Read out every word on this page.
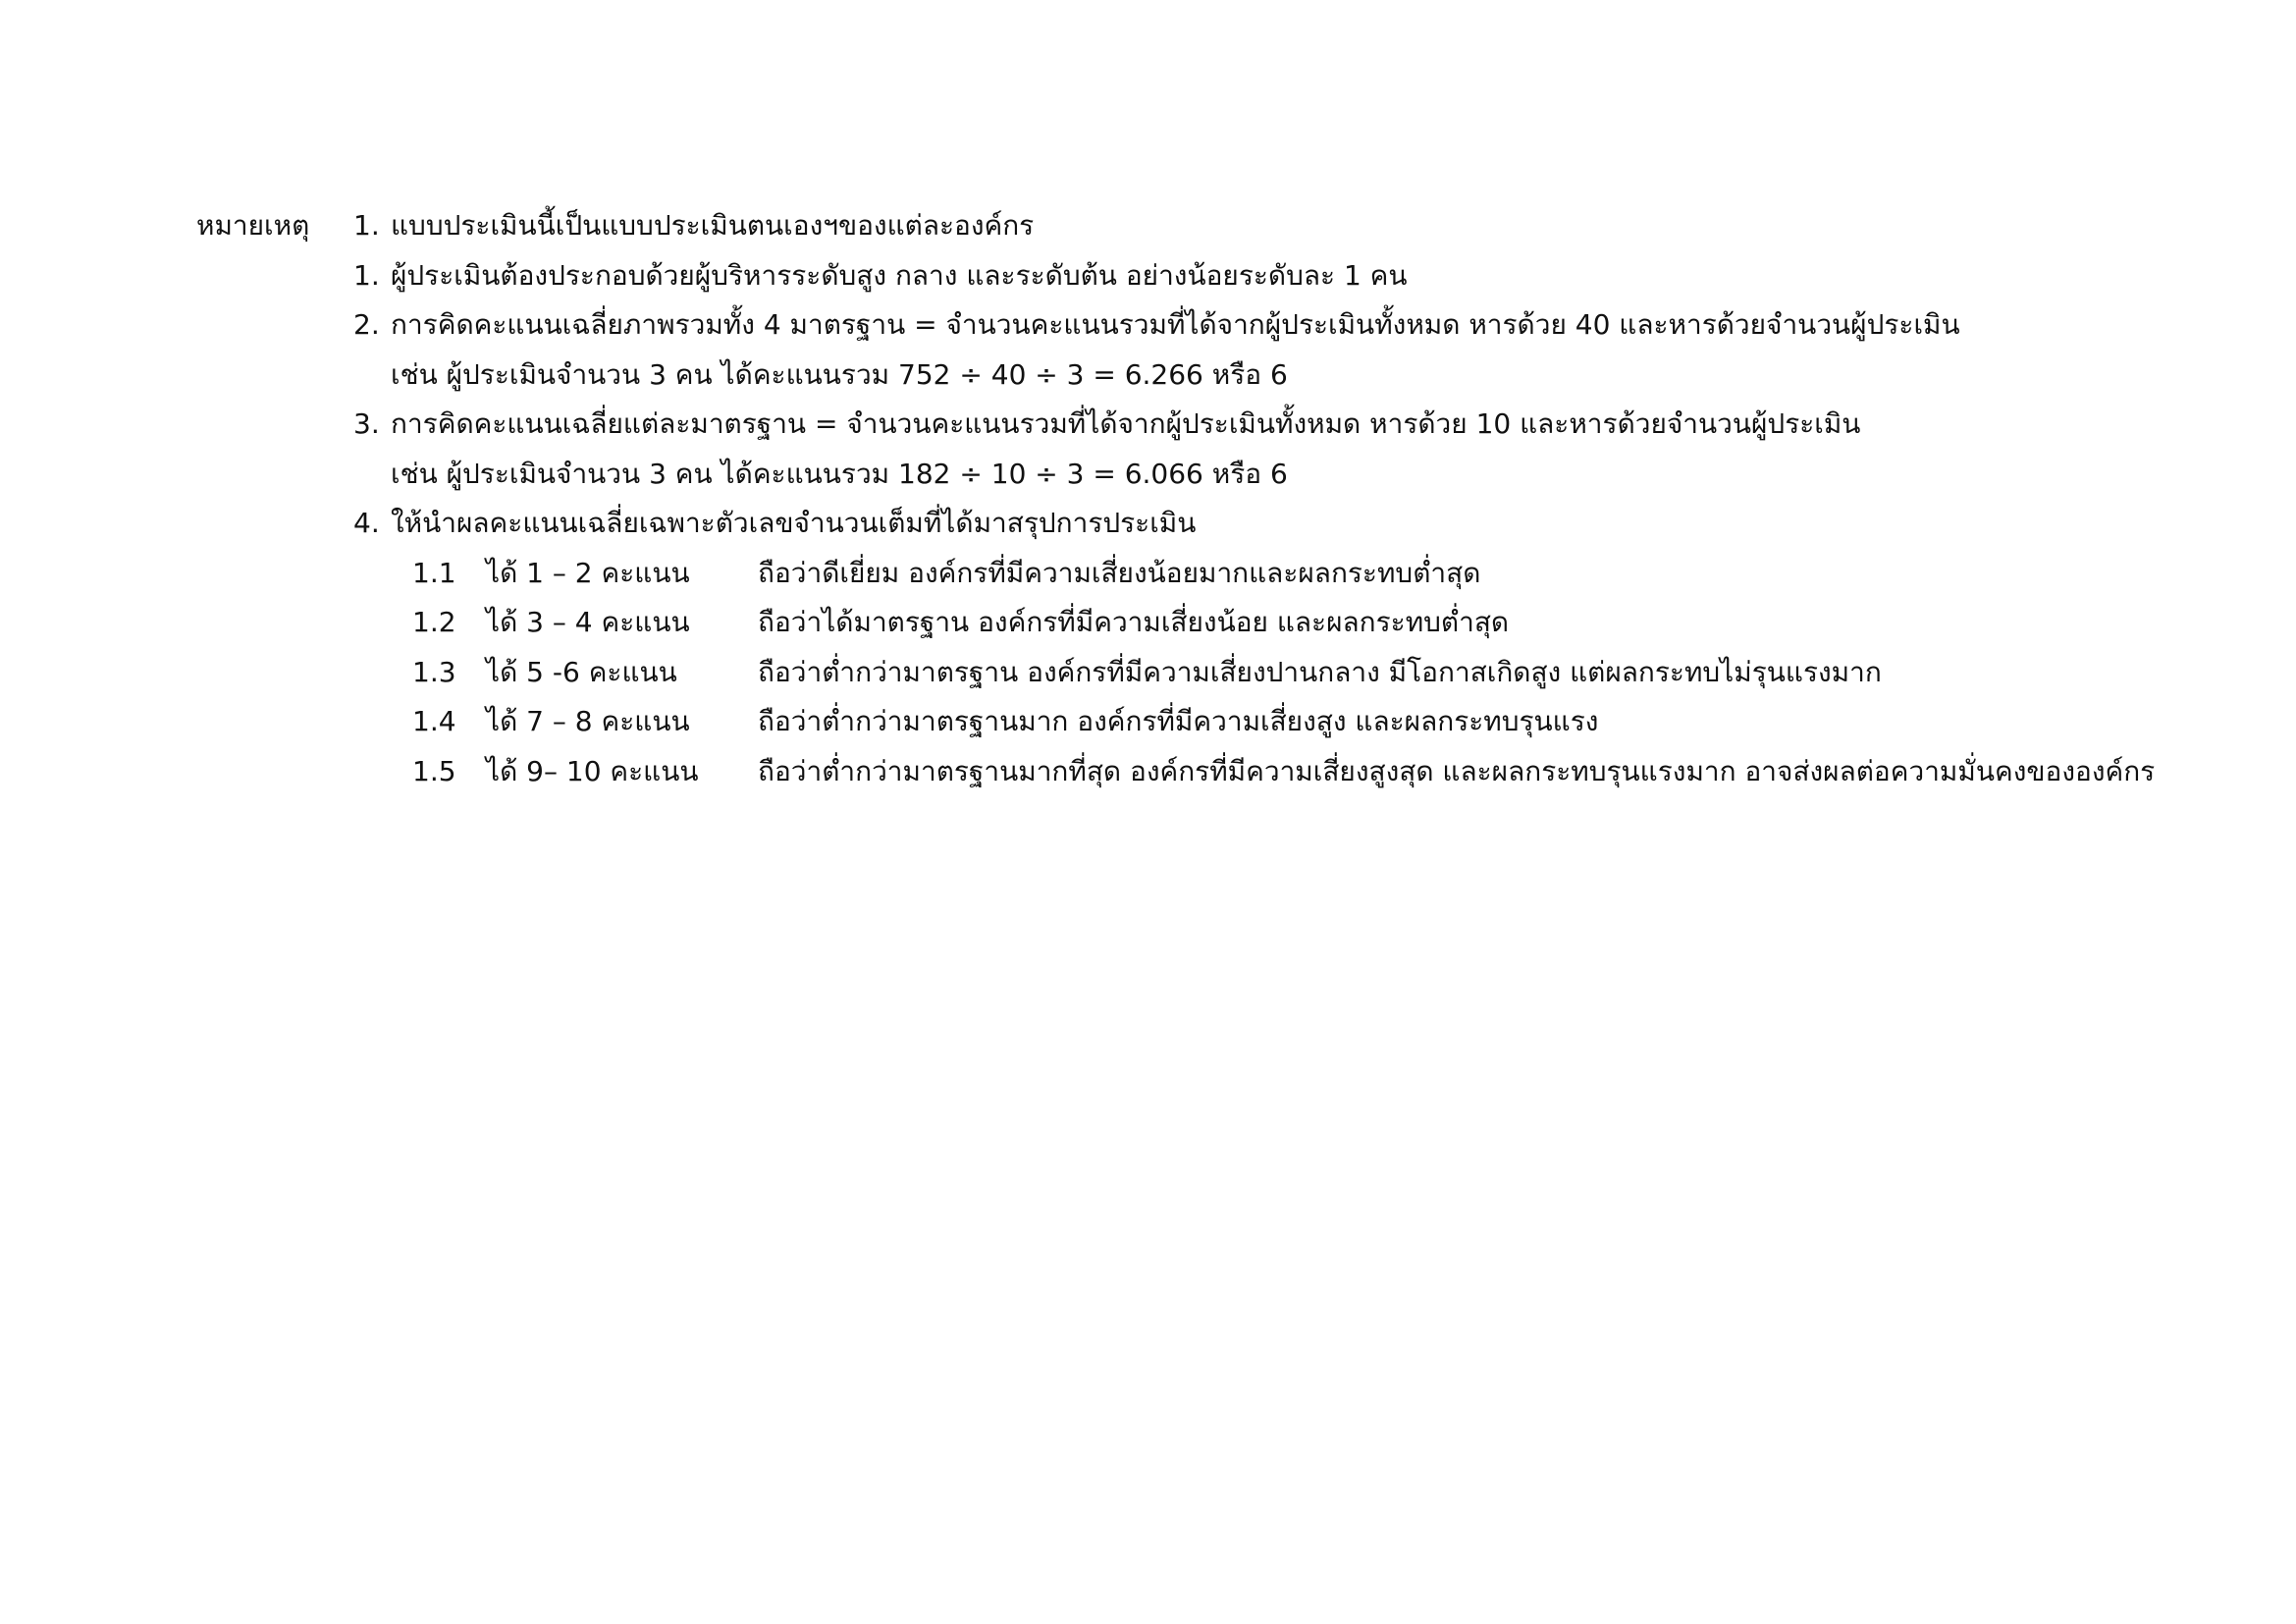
หมายเหตุ 1. แบบประเมินนี้เป็นแบบประเมินตนเองฯของแต่ละองค์กร
1. ผู้ประเมินต้องประกอบด้วยผู้บริหารระดับสูง กลาง และระดับต้น อย่างน้อยระดับละ 1 คน
2. การคิดคะแนนเฉลี่ยภาพรวมทั้ง 4 มาตรฐาน = จำนวนคะแนนรวมที่ได้จากผู้ประเมินทั้งหมด หารด้วย 40 และหารด้วยจำนวนผู้ประเมิน
เช่น ผู้ประเมินจำนวน 3 คน ได้คะแนนรวม 752 ÷ 40 ÷ 3 = 6.266 หรือ 6
3. การคิดคะแนนเฉลี่ยแต่ละมาตรฐาน = จำนวนคะแนนรวมที่ได้จากผู้ประเมินทั้งหมด หารด้วย 10 และหารด้วยจำนวนผู้ประเมิน
เช่น ผู้ประเมินจำนวน 3 คน ได้คะแนนรวม 182 ÷ 10 ÷ 3 = 6.066 หรือ 6
4. ให้นำผลคะแนนเฉลี่ยเฉพาะตัวเลขจำนวนเต็มที่ได้มาสรุปการประเมิน
1.1 ได้ 1 – 2 คะแนน ถือว่าดีเยี่ยม องค์กรที่มีความเสี่ยงน้อยมากและผลกระทบต่ำสุด
1.2 ได้ 3 – 4 คะแนน ถือว่าได้มาตรฐาน องค์กรที่มีความเสี่ยงน้อย และผลกระทบต่ำสุด
1.3 ได้ 5 -6 คะแนน	ถือว่าต่ำกว่ามาตรฐาน องค์กรที่มีความเสี่ยงปานกลาง มีโอกาสเกิดสูง แต่ผลกระทบไม่รุนแรงมาก
1.4 ได้ 7 – 8 คะแนน ถือว่าต่ำกว่ามาตรฐานมาก องค์กรที่มีความเสี่ยงสูง และผลกระทบรุนแรง
1.5 ได้ 9– 10 คะแนน ถือว่าต่ำกว่ามาตรฐานมากที่สุด องค์กรที่มีความเสี่ยงสูงสุด และผลกระทบรุนแรงมาก อาจส่งผลต่อความมั่นคงขององค์กร
